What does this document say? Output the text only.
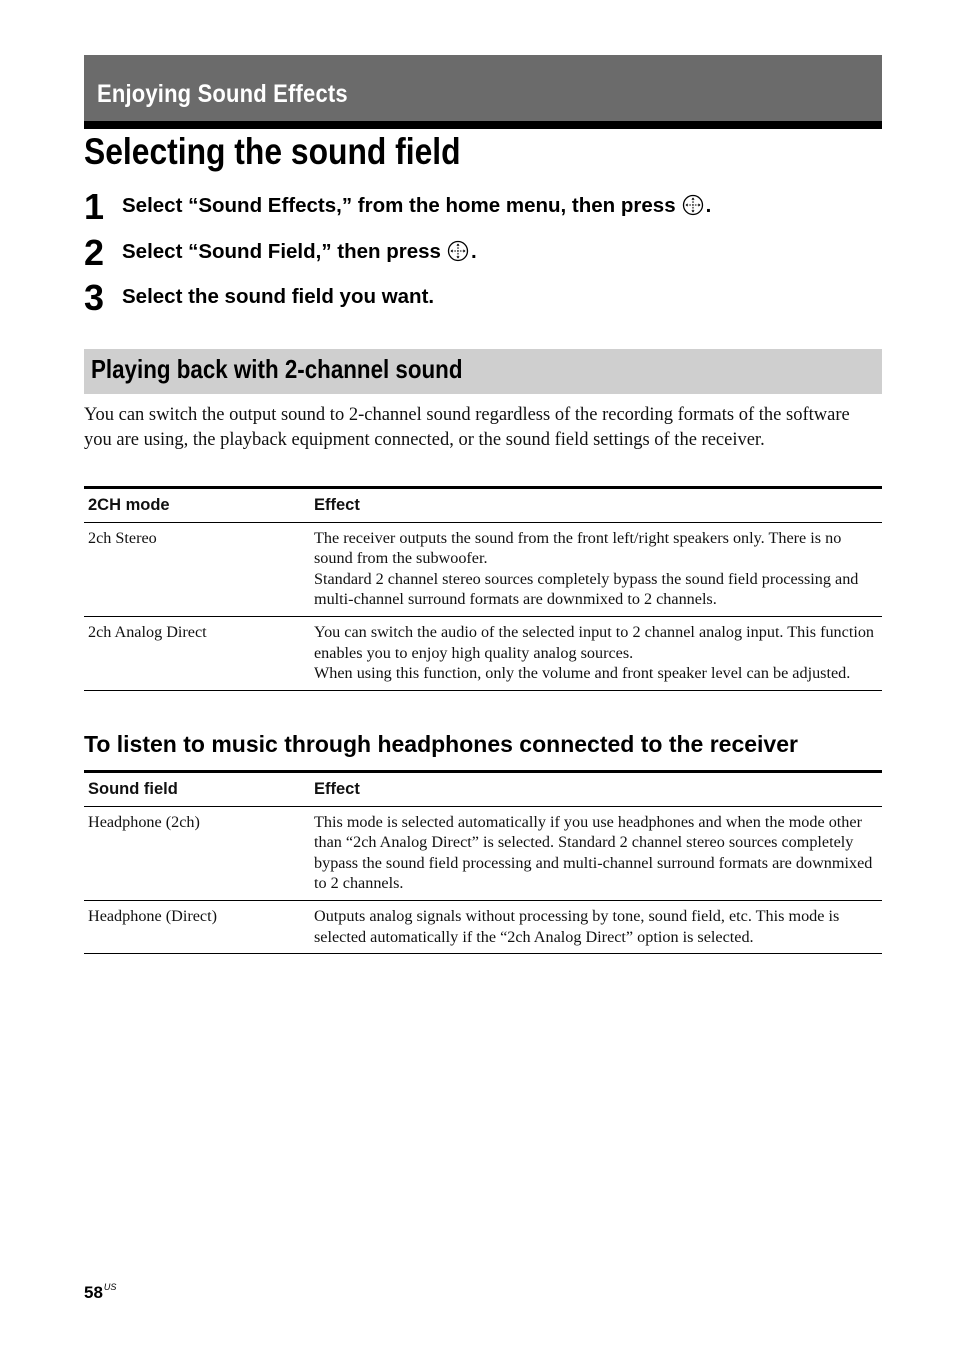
Enjoying Sound Effects
Selecting the sound field
1 Select “Sound Effects,” from the home menu, then press .
2 Select “Sound Field,” then press .
3 Select the sound field you want.
Playing back with 2-channel sound

You can switch the output sound to 2-channel sound regardless of the recording formats of the software you are using, the playback equipment connected, or the sound field settings of the receiver.

2CH mode	Effect
2ch Stereo	The receiver outputs the sound from the front left/right speakers only. There is no sound from the subwoofer.
Standard 2 channel stereo sources completely bypass the sound field processing and multi-channel surround formats are downmixed to 2 channels.

2ch Analog Direct	You can switch the audio of the selected input to 2 channel analog input. This function enables you to enjoy high quality analog sources.
When using this function, only the volume and front speaker level can be adjusted.
To listen to music through headphones connected to the receiver
Sound field	Effect
Headphone (2ch)	This mode is selected automatically if you use headphones and when the mode other than “2ch Analog Direct” is selected. Standard 2 channel stereo sources completely bypass the sound field processing and multi-channel surround formats are downmixed to 2 channels.
Headphone (Direct)	Outputs analog signals without processing by tone, sound field, etc. This mode is selected automatically if the “2ch Analog Direct” option is selected.
$58^{US}$
